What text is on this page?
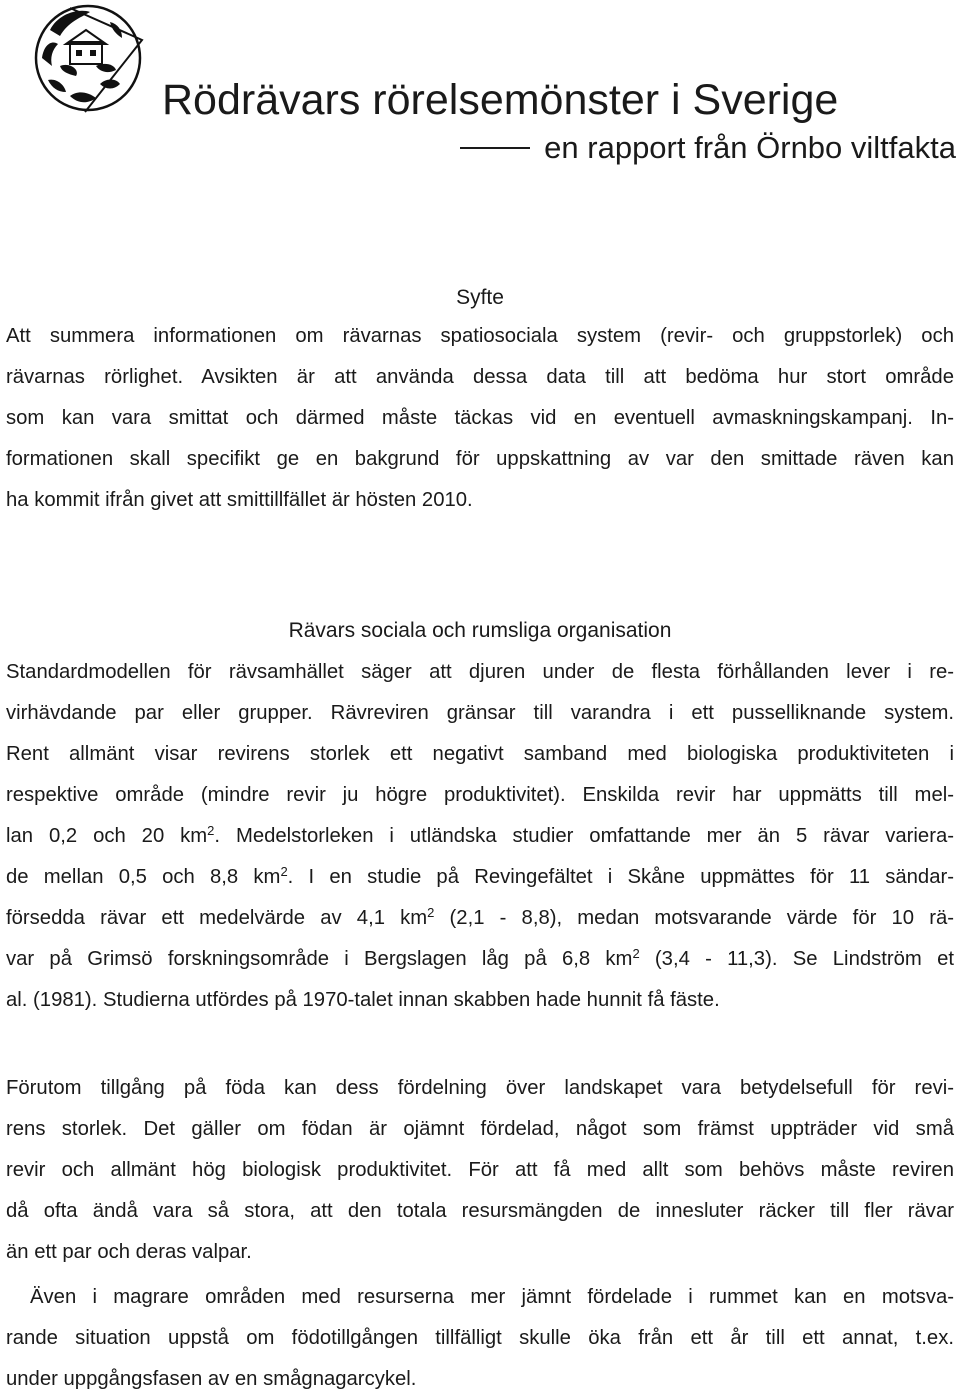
Rödrävars rörelsemönster i Sverige
en rapport från Örnbo viltfakta
Syfte
Att summera informationen om rävarnas spatiosociala system (revir- och gruppstorlek) och
rävarnas rörlighet. Avsikten är att använda dessa data till att bedöma hur stort område
som kan vara smittat och därmed måste täckas vid en eventuell avmaskningskampanj. In-
formationen skall specifikt ge en bakgrund för uppskattning av var den smittade räven kan
ha kommit ifrån givet att smittillfället är hösten 2010.
Rävars sociala och rumsliga organisation
Standardmodellen för rävsamhället säger att djuren under de flesta förhållanden lever i re-
virhävdande par eller grupper. Rävreviren gränsar till varandra i ett pusselliknande system.
Rent allmänt visar revirens storlek ett negativt samband med biologiska produktiviteten i
respektive område (mindre revir ju högre produktivitet). Enskilda revir har uppmätts till mel-
lan 0,2 och 20 $km^2$. Medelstorleken i utländska studier omfattande mer än 5 rävar variera-
de mellan 0,5 och 8,8 $km^2$. I en studie på Revingefältet i Skåne uppmättes för 11 sändar-
försedda rävar ett medelvärde av 4,1 $km^2$ (2,1 - 8,8), medan motsvarande värde för 10 rä-
var på Grimsö forskningsområde i Bergslagen låg på 6,8 $km^2$ (3,4 - 11,3). Se Lindström et
al. (1981). Studierna utfördes på 1970-talet innan skabben hade hunnit få fäste.
Förutom tillgång på föda kan dess fördelning över landskapet vara betydelsefull för revi-
rens storlek. Det gäller om födan är ojämnt fördelad, något som främst uppträder vid små
revir och allmänt hög biologisk produktivitet. För att få med allt som behövs måste reviren
då ofta ändå vara så stora, att den totala resursmängden de innesluter räcker till fler rävar
än ett par och deras valpar.
Även i magrare områden med resurserna mer jämnt fördelade i rummet kan en motsva-
rande situation uppstå om födotillgången tillfälligt skulle öka från ett år till ett annat, t.ex.
under uppgångsfasen av en smågnagarcykel.
